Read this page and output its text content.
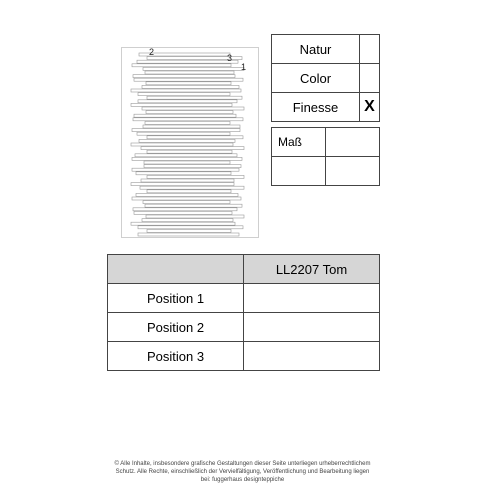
2
3
1
Natur	
Color	
Finesse	X
Maß	

	LL2207 Tom
Position 1	
Position 2	
Position 3	
© Alle Inhalte, insbesondere grafische Gestaltungen dieser Seite unterliegen urheberrechtlichem
Schutz. Alle Rechte, einschließlich der Vervielfältigung, Veröffentlichung und Bearbeitung liegen
bei: fuggerhaus designteppiche
